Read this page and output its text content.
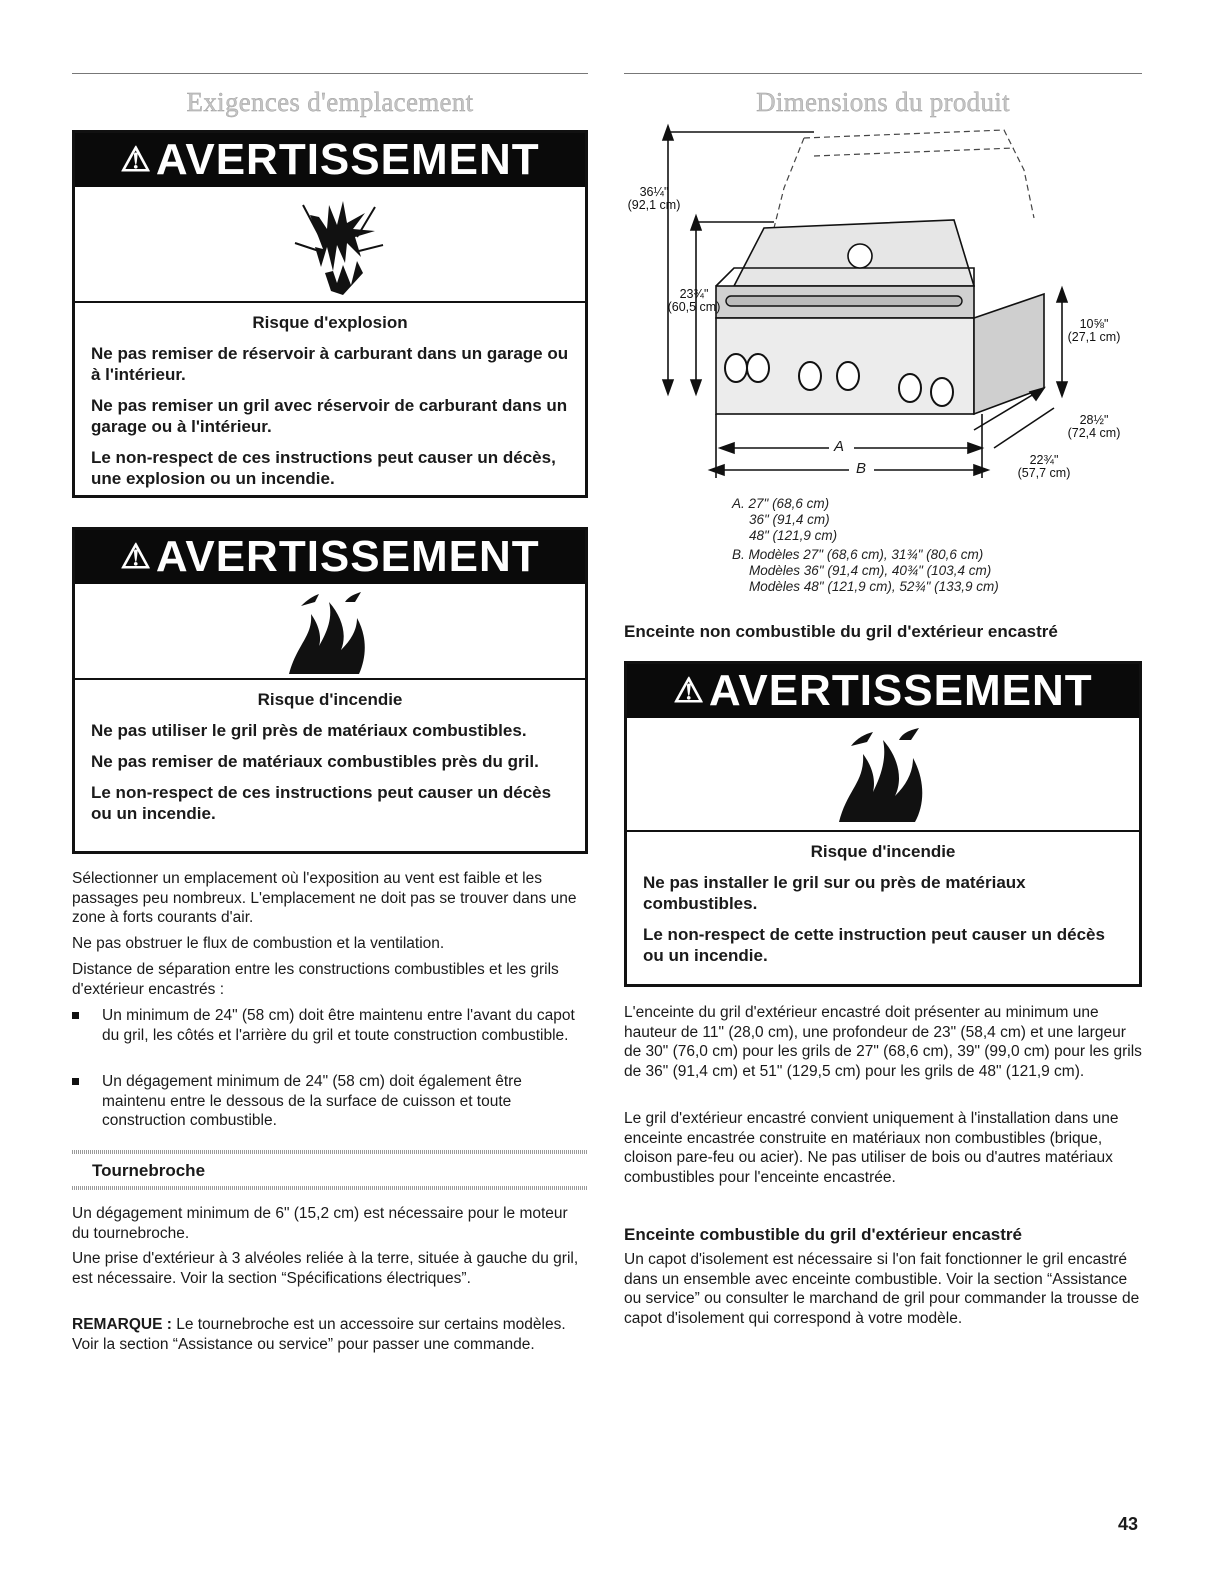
Exigences d'emplacement
⚠AVERTISSEMENT
Risque d'explosion

Ne pas remiser de réservoir à carburant dans un garage ou à l'intérieur.

Ne pas remiser un gril avec réservoir de carburant dans un garage ou à l'intérieur.

Le non-respect de ces instructions peut causer un décès, une explosion ou un incendie.

⚠AVERTISSEMENT
Risque d'incendie

Ne pas utiliser le gril près de matériaux combustibles.

Ne pas remiser de matériaux combustibles près du gril.

Le non-respect de ces instructions peut causer un décès ou un incendie.

Sélectionner un emplacement où l'exposition au vent est faible et les passages peu nombreux. L'emplacement ne doit pas se trouver dans une zone à forts courants d'air.

Ne pas obstruer le flux de combustion et la ventilation.

Distance de séparation entre les constructions combustibles et les grils d'extérieur encastrés :

Un minimum de 24" (58 cm) doit être maintenu entre l'avant du capot du gril, les côtés et l'arrière du gril et toute construction combustible.
Un dégagement minimum de 24" (58 cm) doit également être maintenu entre le dessous de la surface de cuisson et toute construction combustible.
Tournebroche

Un dégagement minimum de 6" (15,2 cm) est nécessaire pour le moteur du tournebroche.

Une prise d'extérieur à 3 alvéoles reliée à la terre, située à gauche du gril, est nécessaire. Voir la section “Spécifications électriques”.

REMARQUE : Le tournebroche est un accessoire sur certains modèles. Voir la section “Assistance ou service” pour passer une commande.

Dimensions du produit
36¼"
(92,1 cm)
23¾"
(60,5 cm)
10⅝"
(27,1 cm)
28½"
(72,4 cm)
22¾"
(57,7 cm)
A
B
A. 27" (68,6 cm)
36" (91,4 cm)
48" (121,9 cm)
B. Modèles 27" (68,6 cm), 31¾" (80,6 cm)
Modèles 36" (91,4 cm), 40¾" (103,4 cm)
Modèles 48" (121,9 cm), 52¾" (133,9 cm)
Enceinte non combustible du gril d'extérieur encastré
⚠AVERTISSEMENT
Risque d'incendie

Ne pas installer le gril sur ou près de matériaux combustibles.

Le non-respect de cette instruction peut causer un décès ou un incendie.

L'enceinte du gril d'extérieur encastré doit présenter au minimum une hauteur de 11" (28,0 cm), une profondeur de 23" (58,4 cm) et une largeur de 30" (76,0 cm) pour les grils de 27" (68,6 cm), 39" (99,0 cm) pour les grils de 36" (91,4 cm) et 51" (129,5 cm) pour les grils de 48" (121,9 cm).

Le gril d'extérieur encastré convient uniquement à l'installation dans une enceinte encastrée construite en matériaux non combustibles (brique, cloison pare-feu ou acier). Ne pas utiliser de bois ou d'autres matériaux combustibles pour l'enceinte encastrée.

Enceinte combustible du gril d'extérieur encastré

Un capot d'isolement est nécessaire si l'on fait fonctionner le gril encastré dans un ensemble avec enceinte combustible. Voir la section “Assistance ou service” ou consulter le marchand de gril pour commander la trousse de capot d'isolement qui correspond à votre modèle.

43
